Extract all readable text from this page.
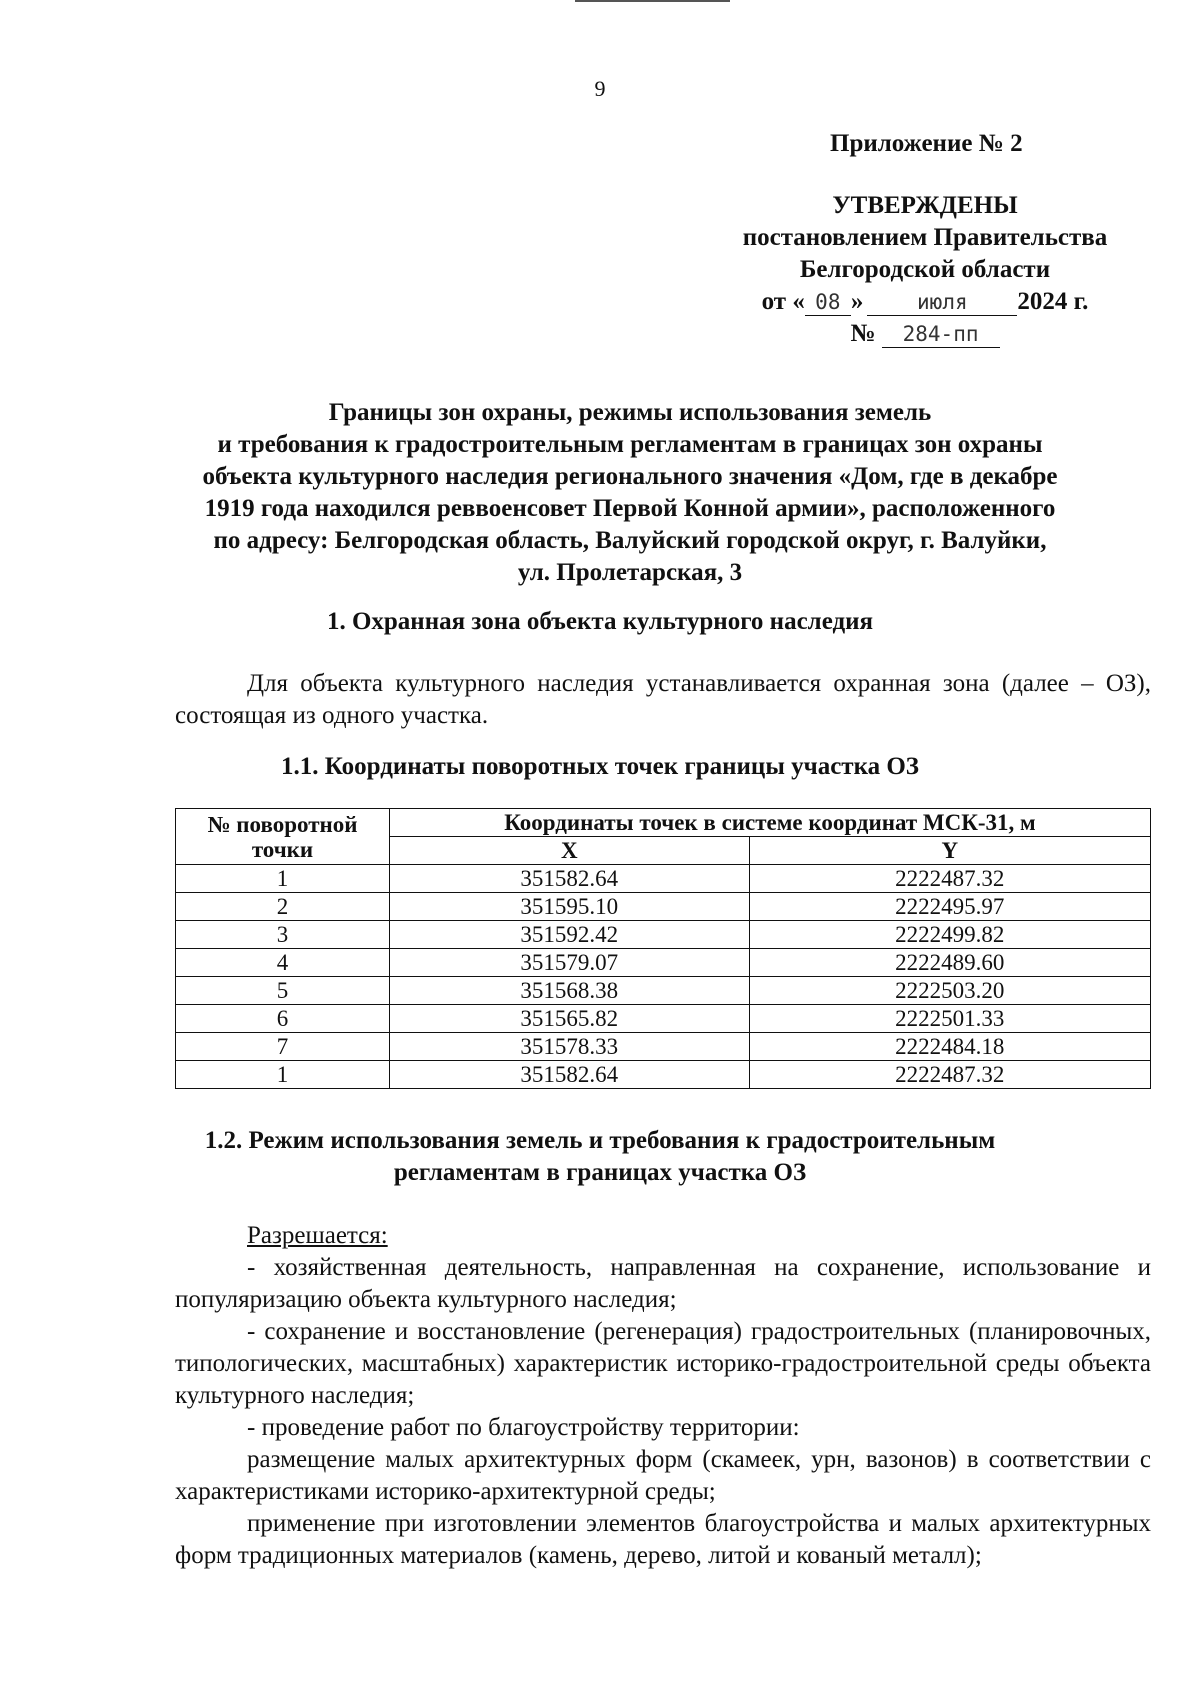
9
Приложение № 2
УТВЕРЖДЕНЫ
постановлением Правительства
Белгородской области
от « 08 »	июля 2024 г.
№ 284-пп
Границы зон охраны, режимы использования земель
и требования к градостроительным регламентам в границах зон охраны
объекта культурного наследия регионального значения «Дом, где в декабре
1919 года находился реввоенсовет Первой Конной армии», расположенного
по адресу: Белгородская область, Валуйский городской округ, г. Валуйки,
ул. Пролетарская, 3
1. Охранная зона объекта культурного наследия

Для объекта культурного наследия устанавливается охранная зона (далее – ОЗ), состоящая из одного участка.

1.1. Координаты поворотных точек границы участка ОЗ
№ поворотной точки	Координаты точек в системе координат МСК-31, м	
	X	Y
1	351582.64	2222487.32
2	351595.10	2222495.97
3	351592.42	2222499.82
4	351579.07	2222489.60
5	351568.38	2222503.20
6	351565.82	2222501.33
7	351578.33	2222484.18
1	351582.64	2222487.32
1.2. Режим использования земель и требования к градостроительным
регламентам в границах участка ОЗ

Разрешается:

- хозяйственная деятельность, направленная на сохранение, использование и популяризацию объекта культурного наследия;

- сохранение и восстановление (регенерация) градостроительных (планировочных, типологических, масштабных) характеристик историко-градостроительной среды объекта культурного наследия;

- проведение работ по благоустройству территории:

размещение малых архитектурных форм (скамеек, урн, вазонов) в соответствии с характеристиками историко-архитектурной среды;

применение при изготовлении элементов благоустройства и малых архитектурных форм традиционных материалов (камень, дерево, литой и кованый металл);
